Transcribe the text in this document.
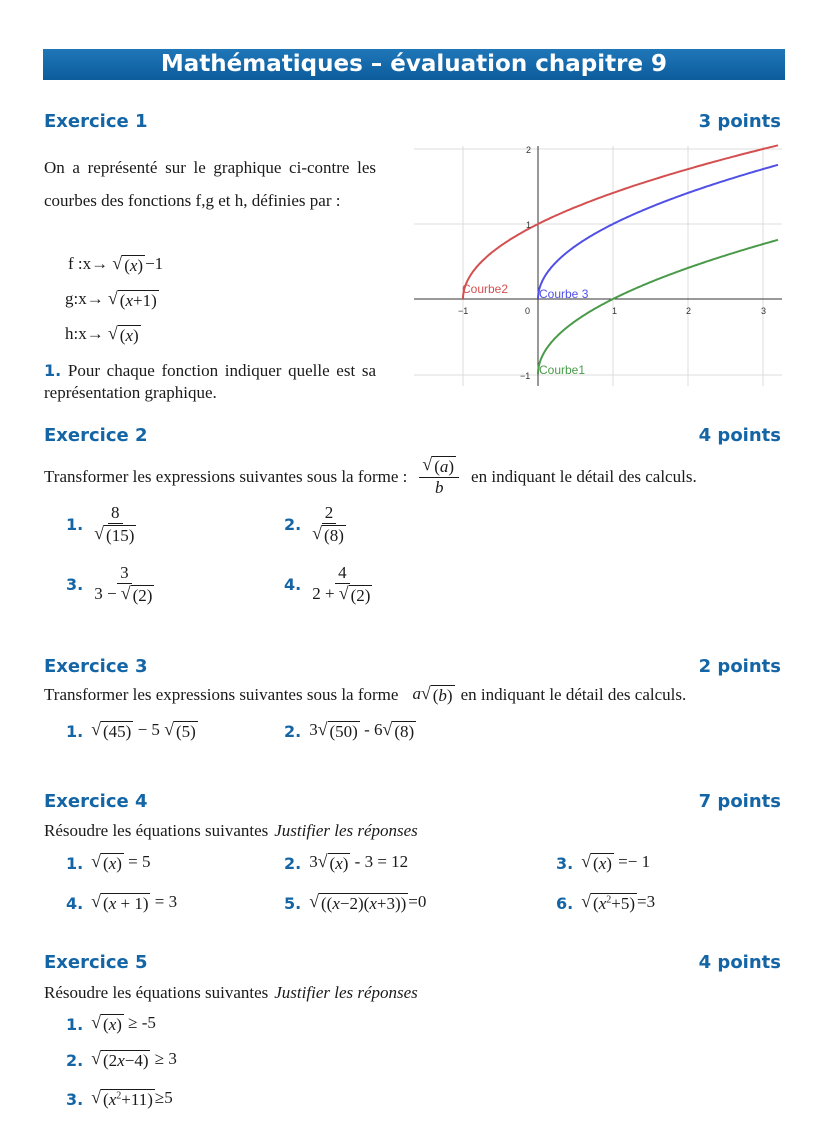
Mathématiques – évaluation chapitre 9
Exercice 1	3 points
On a représenté sur le graphique ci-contre les courbes des fonctions f,g et h, définies par :
f :x→ √ (x) −1
g:x→ √ (x+1)
h:x→ √ (x)
1. Pour chaque fonction indiquer quelle est sa représentation graphique.
Courbe2	Courbe 3
Courbe1
−1	0	1	2	3
2
1
−1
Exercice 2	4 points
Transformer les expressions suivantes sous la forme : $\frac{√ (a)}{b}$ en indiquant le détail des calculs.
1. $\frac{8}{√ (15)}$	2. $\frac{2}{√ (8)}$
3. $\frac{3}{3 - √ (2)}$	4. $\frac{4}{2 + √ (2)}$
Exercice 3	2 points
Transformer les expressions suivantes sous la forme a √ (b) en indiquant le détail des calculs.
1. √ (45) − 5 √ (5)	2. 3 √ (50) - 6 √ (8)
Exercice 4	7 points
Résoudre les équations suivantes Justifier les réponses
1. √ (x) = 5	2. 3 √ (x) - 3 = 12	3. √ (x) =− 1
4. √ (x + 1) = 3	5. √ ((x−2)(x+3)) =0	6. √ $(x^2+5) =3$
Exercice 5	4 points
Résoudre les équations suivantes Justifier les réponses
1. √ (x) ≥ -5
2. √ (2x−4) ≥ 3
3. √ $(x^2+11) \ge 5$
